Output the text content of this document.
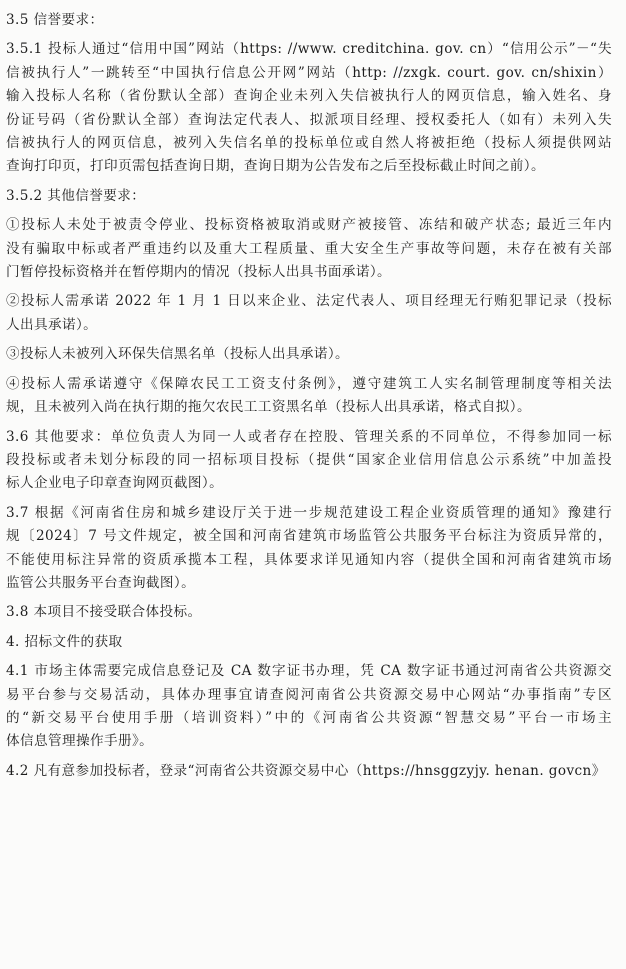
3.5 信誉要求：
3.5.1 投标人通过“信用中国”网站（https: //www. creditchina. gov. cn）“信用公示”－“失
信被执行人”一跳转至“中国执行信息公开网”网站（http: //zxgk. court. gov. cn/shixin）
输入投标人名称（省份默认全部）查询企业未列入失信被执行人的网页信息，输入姓名、身
份证号码（省份默认全部）查询法定代表人、拟派项目经理、授权委托人（如有）未列入失
信被执行人的网页信息，被列入失信名单的投标单位或自然人将被拒绝（投标人须提供网站
查询打印页，打印页需包括查询日期，查询日期为公告发布之后至投标截止时间之前）。
3.5.2 其他信誉要求：
①投标人未处于被责令停业、投标资格被取消或财产被接管、冻结和破产状态; 最近三年内
没有骗取中标或者严重违约以及重大工程质量、重大安全生产事故等问题，未存在被有关部
门暂停投标资格并在暂停期内的情况（投标人出具书面承诺）。
②投标人需承诺 2022 年 1 月 1 日以来企业、法定代表人、项目经理无行贿犯罪记录（投标
人出具承诺）。
③投标人未被列入环保失信黑名单（投标人出具承诺）。
④投标人需承诺遵守《保障农民工工资支付条例》，遵守建筑工人实名制管理制度等相关法
规，且未被列入尚在执行期的拖欠农民工工资黑名单（投标人出具承诺，格式自拟）。
3.6 其他要求：单位负责人为同一人或者存在控股、管理关系的不同单位，不得参加同一标
段投标或者未划分标段的同一招标项目投标（提供“国家企业信用信息公示系统”中加盖投
标人企业电子印章查询网页截图）。
3.7 根据《河南省住房和城乡建设厅关于进一步规范建设工程企业资质管理的通知》豫建行
规〔2024〕7 号文件规定，被全国和河南省建筑市场监管公共服务平台标注为资质异常的，
不能使用标注异常的资质承揽本工程，具体要求详见通知内容（提供全国和河南省建筑市场
监管公共服务平台查询截图）。
3.8 本项目不接受联合体投标。
4. 招标文件的获取
4.1 市场主体需要完成信息登记及 CA 数字证书办理，凭 CA 数字证书通过河南省公共资源交
易平台参与交易活动，具体办理事宜请查阅河南省公共资源交易中心网站“办事指南”专区
的“新交易平台使用手册（培训资料）”中的《河南省公共资源“智慧交易”平台一市场主
体信息管理操作手册》。
4.2 凡有意参加投标者，登录“河南省公共资源交易中心（https://hnsggzyjy. henan. govcn》
